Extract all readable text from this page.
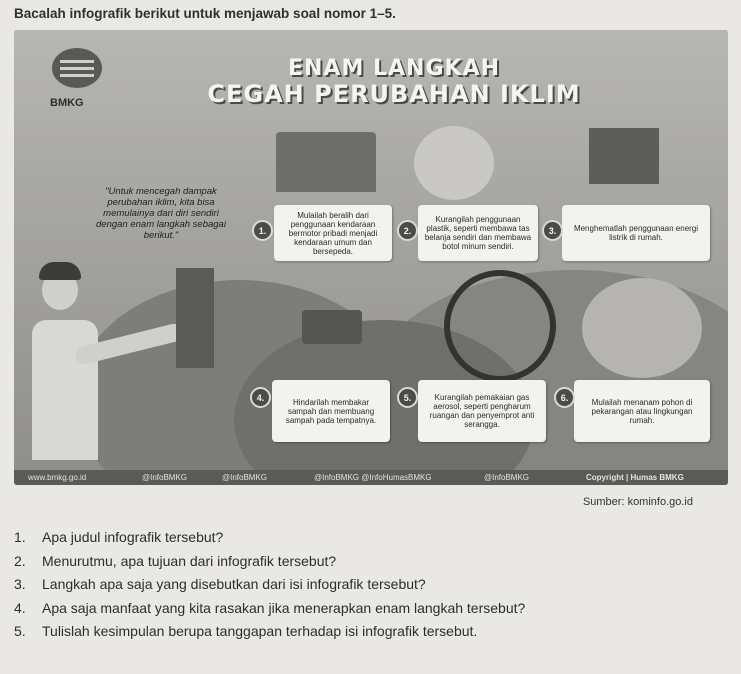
Bacalah infografik berikut untuk menjawab soal nomor 1–5.
BMKG
ENAM LANGKAH
CEGAH PERUBAHAN IKLIM
"Untuk mencegah dampak perubahan iklim, kita bisa memulainya dari diri sendiri dengan enam langkah sebagai berikut."
Mulailah beralih dari penggunaan kendaraan bermotor pribadi menjadi kendaraan umum dan bersepeda.
1.
Kurangilah penggunaan plastik, seperti membawa tas belanja sendiri dan membawa botol minum sendiri.
2.	Menghematlah penggunaan energi listrik di rumah.
3.
Hindarilah membakar sampah dan membuang sampah pada tempatnya.
4.	Kurangilah pemakaian gas aerosol, seperti pengharum ruangan dan penyemprot anti serangga.
5.	Mulailah menanam pohon di pekarangan atau lingkungan rumah.
6.
www.bmkg.go.id	@InfoBMKG	@InfoBMKG	@InfoBMKG @InfoHumasBMKG	@InfoBMKG	Copyright | Humas BMKG
Sumber: kominfo.go.id
1. Apa judul infografik tersebut?
2. Menurutmu, apa tujuan dari infografik tersebut?
3. Langkah apa saja yang disebutkan dari isi infografik tersebut?
4. Apa saja manfaat yang kita rasakan jika menerapkan enam langkah tersebut?
5. Tulislah kesimpulan berupa tanggapan terhadap isi infografik tersebut.
